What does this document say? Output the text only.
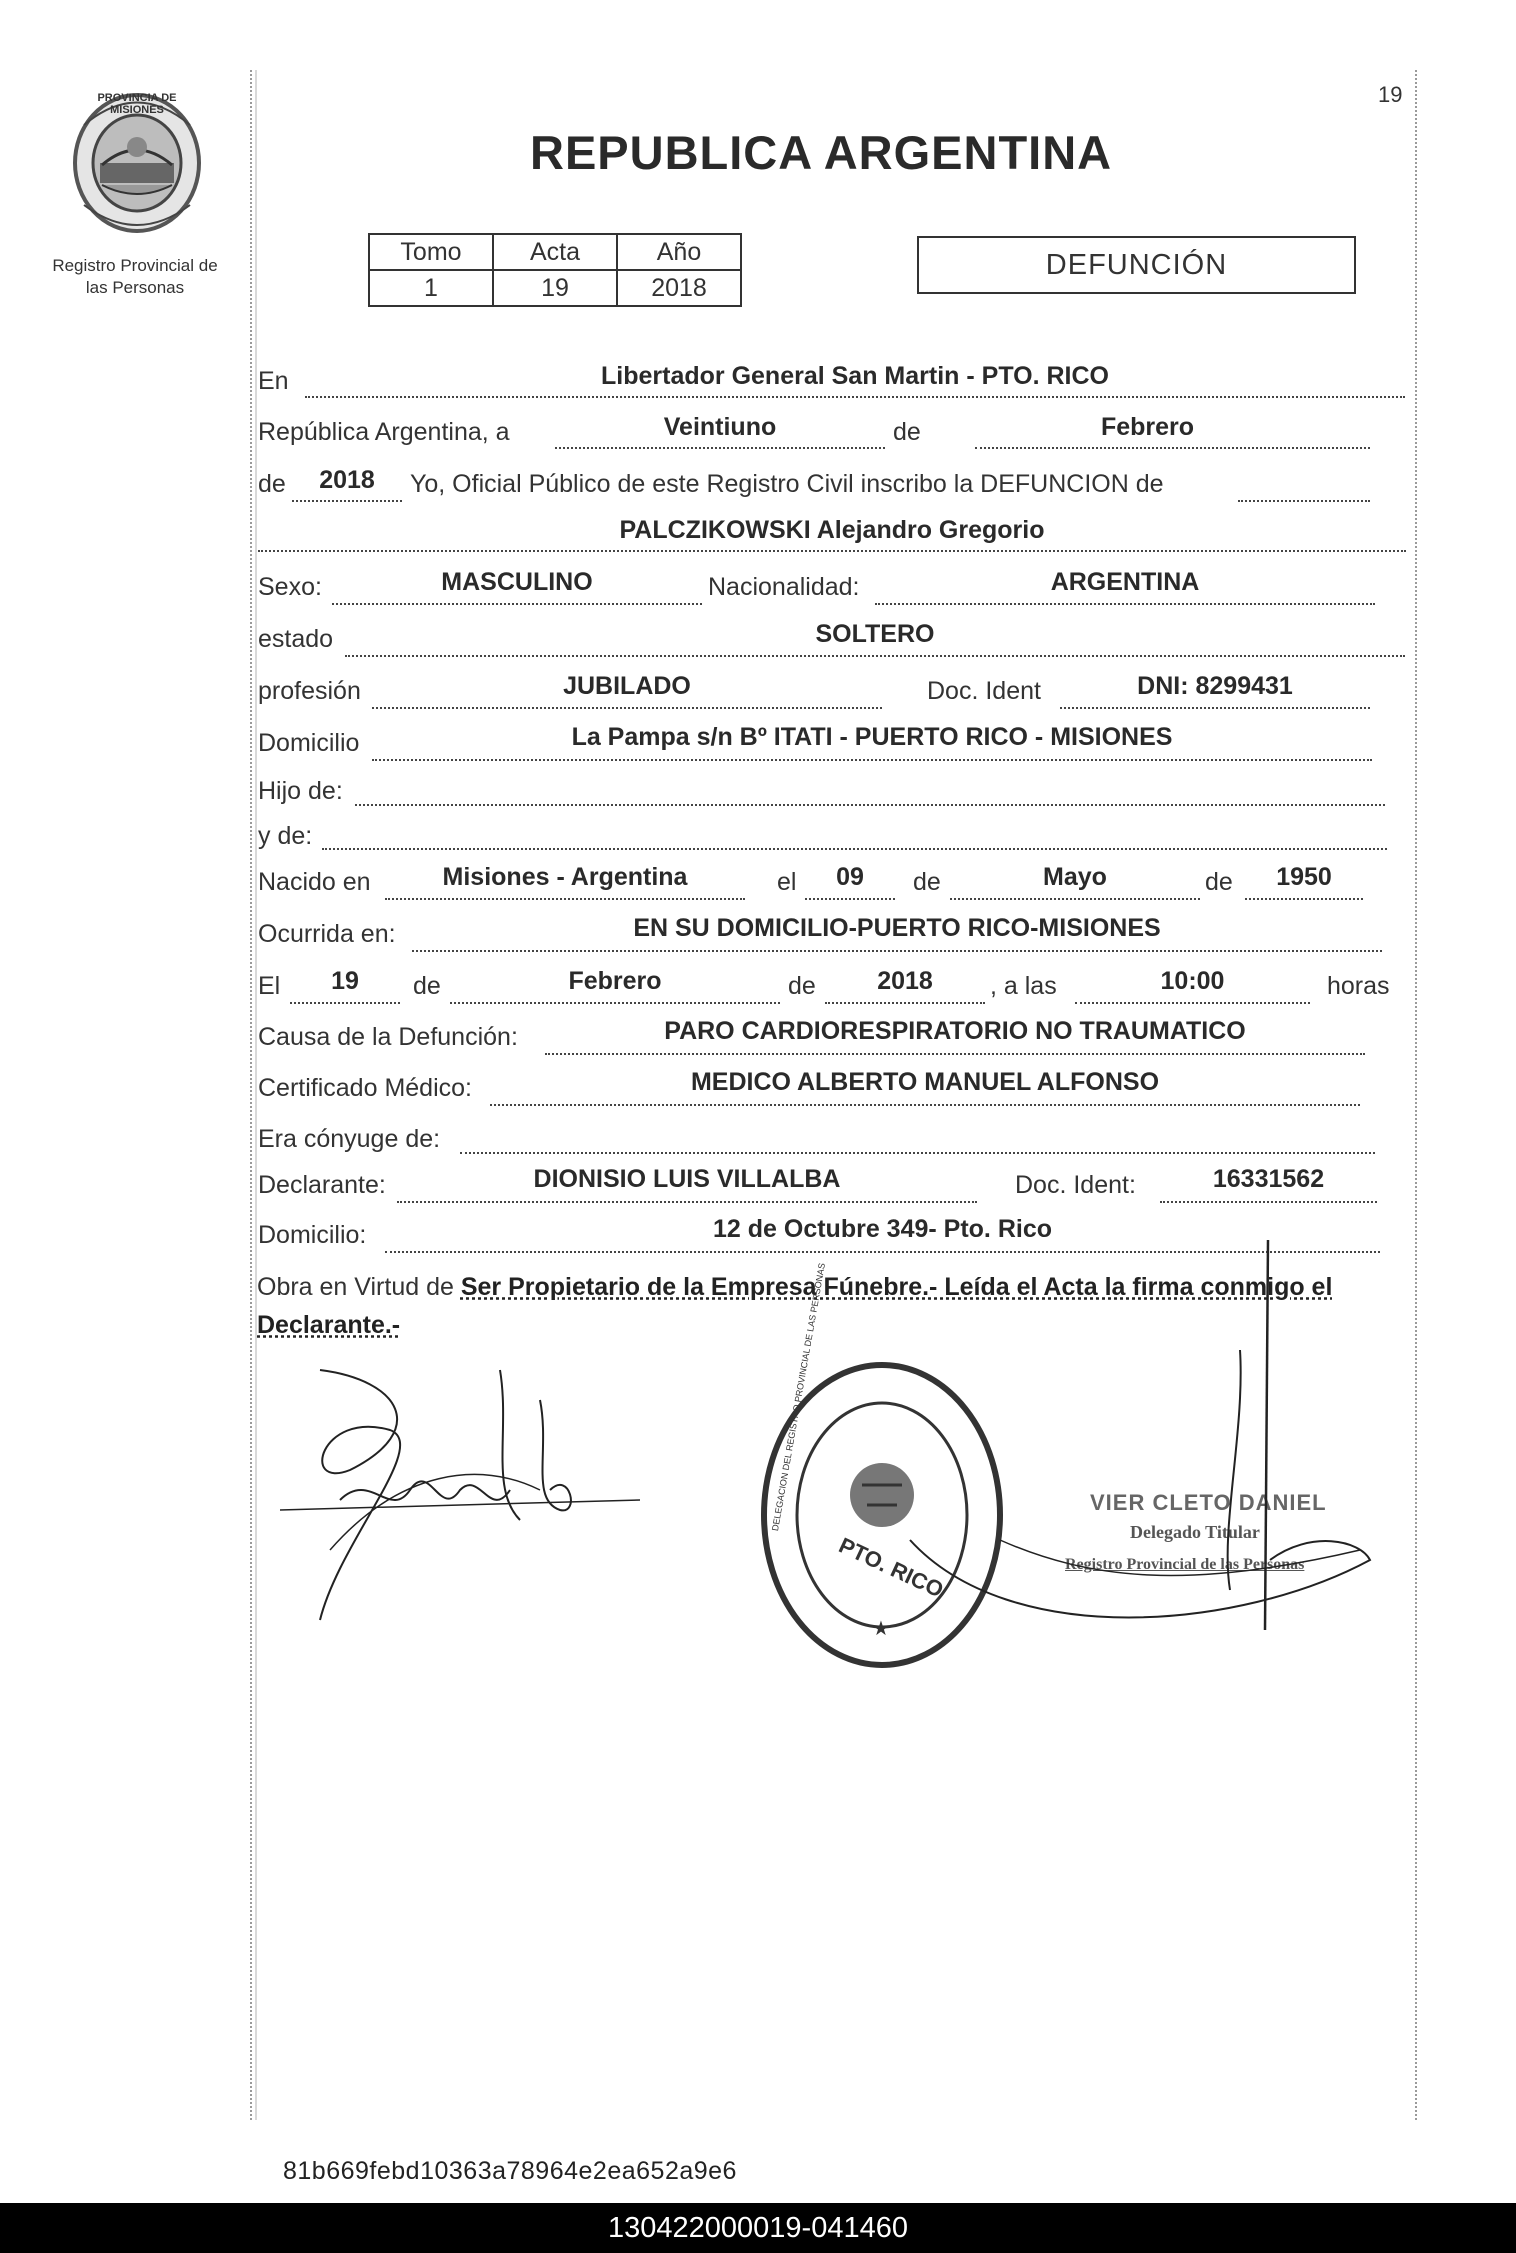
19
PROVINCIA DE MISIONES
Registro Provincial de
las Personas
REPUBLICA ARGENTINA
Tomo	Acta	Año
1	19	2018
DEFUNCIÓN
En	Libertador General San Martin - PTO. RICO
República Argentina, a	Veintiuno	de	Febrero
de	2018	Yo, Oficial Público de este Registro Civil inscribo la DEFUNCION de
PALCZIKOWSKI Alejandro Gregorio
Sexo:	MASCULINO	Nacionalidad:	ARGENTINA
estado	SOLTERO
profesión	JUBILADO	Doc. Ident	DNI: 8299431
Domicilio	La Pampa s/n Bº ITATI - PUERTO RICO - MISIONES
Hijo de:
y de:
Nacido en	Misiones - Argentina	el	09	de	Mayo	de	1950
Ocurrida en:	EN SU DOMICILIO-PUERTO RICO-MISIONES
El	19	de	Febrero	de	2018	, a las	10:00	horas
Causa de la Defunción:	PARO CARDIORESPIRATORIO NO TRAUMATICO
Certificado Médico:	MEDICO ALBERTO MANUEL ALFONSO
Era cónyuge de:
Declarante:	DIONISIO LUIS VILLALBA	Doc. Ident:	16331562
Domicilio:	12 de Octubre 349- Pto. Rico
Obra en Virtud de Ser Propietario de la Empresa Fúnebre.- Leída el Acta la firma conmigo el Declarante.-
★
DELEGACION DEL REGISTRO PROVINCIAL DE LAS PERSONAS
PTO. RICO
VIER CLETO DANIEL
Delegado Titular
Registro Provincial de las Personas
81b669febd10363a78964e2ea652a9e6
130422000019-041460
